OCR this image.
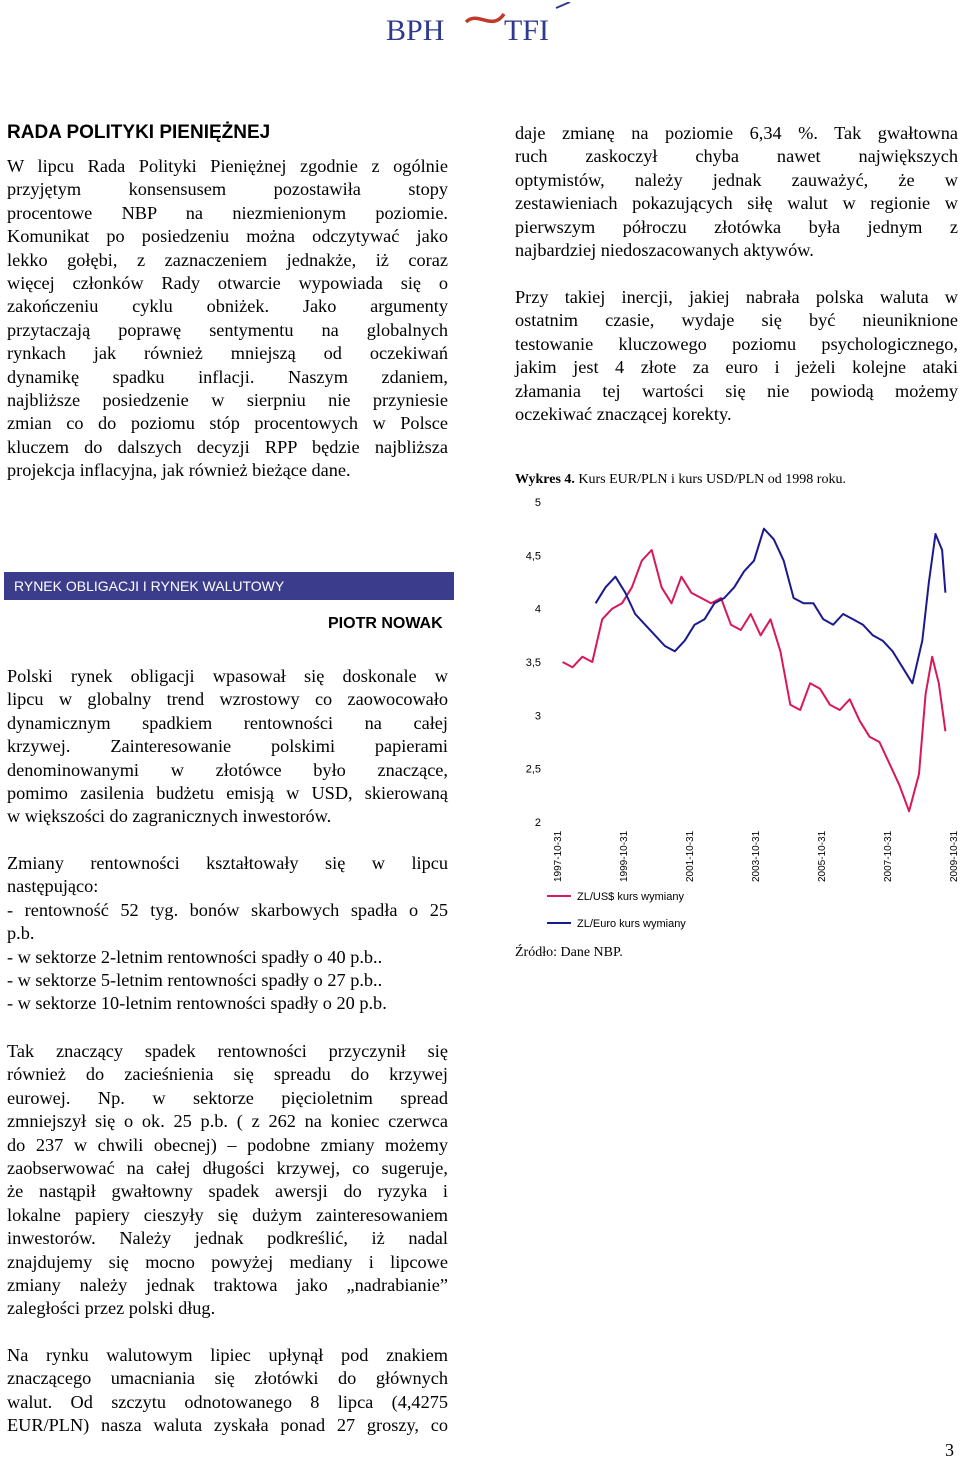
BPH TFI
RADA POLITYKI PIENIĘŻNEJ
W lipcu Rada Polityki Pieniężnej zgodnie z ogólnie
przyjętym konsensusem pozostawiła stopy
procentowe NBP na niezmienionym poziomie.
Komunikat po posiedzeniu można odczytywać jako
lekko gołębi, z zaznaczeniem jednakże, iż coraz
więcej członków Rady otwarcie wypowiada się o
zakończeniu cyklu obniżek. Jako argumenty
przytaczają poprawę sentymentu na globalnych
rynkach jak również mniejszą od oczekiwań
dynamikę spadku inflacji. Naszym zdaniem,
najbliższe posiedzenie w sierpniu nie przyniesie
zmian co do poziomu stóp procentowych w Polsce
kluczem do dalszych decyzji RPP będzie najbliższa
projekcja inflacyjna, jak również bieżące dane.
RYNEK OBLIGACJI I RYNEK WALUTOWY
PIOTR NOWAK
Polski rynek obligacji wpasował się doskonale w
lipcu w globalny trend wzrostowy co zaowocowało
dynamicznym spadkiem rentowności na całej
krzywej. Zainteresowanie polskimi papierami
denominowanymi w złotówce było znaczące,
pomimo zasilenia budżetu emisją w USD, skierowaną
w większości do zagranicznych inwestorów.
Zmiany rentowności kształtowały się w lipcu
następująco:
- rentowność 52 tyg. bonów skarbowych spadła o 25
p.b.
- w sektorze 2-letnim rentowności spadły o 40 p.b..
- w sektorze 5-letnim rentowności spadły o 27 p.b..
- w sektorze 10-letnim rentowności spadły o 20 p.b.
Tak znaczący spadek rentowności przyczynił się
również do zacieśnienia się spreadu do krzywej
eurowej. Np. w sektorze pięcioletnim spread
zmniejszył się o ok. 25 p.b. ( z 262 na koniec czerwca
do 237 w chwili obecnej) – podobne zmiany możemy
zaobserwować na całej długości krzywej, co sugeruje,
że nastąpił gwałtowny spadek awersji do ryzyka i
lokalne papiery cieszyły się dużym zainteresowaniem
inwestorów. Należy jednak podkreślić, iż nadal
znajdujemy się mocno powyżej mediany i lipcowe
zmiany należy jednak traktowa jako „nadrabianie”
zaległości przez polski dług.
Na rynku walutowym lipiec upłynął pod znakiem
znaczącego umacniania się złotówki do głównych
walut. Od szczytu odnotowanego 8 lipca (4,4275
EUR/PLN) nasza waluta zyskała ponad 27 groszy, co
daje zmianę na poziomie 6,34 %. Tak gwałtowna
ruch zaskoczył chyba nawet największych
optymistów, należy jednak zauważyć, że w
zestawieniach pokazujących siłę walut w regionie w
pierwszym półroczu złotówka była jednym z
najbardziej niedoszacowanych aktywów.
Przy takiej inercji, jakiej nabrała polska waluta w
ostatnim czasie, wydaje się być nieuniknione
testowanie kluczowego poziomu psychologicznego,
jakim jest 4 złote za euro i jeżeli kolejne ataki
złamania tej wartości się nie powiodą możemy
oczekiwać znaczącej korekty.
Wykres 4. Kurs EUR/PLN i kurs USD/PLN od 1998 roku.
5
4,5
4
3,5
3
2,5
2
1997-10-31	1999-10-31	2001-10-31	2003-10-31	2005-10-31	2007-10-31	2009-10-31
ZL/US$ kurs wymiany
ZL/Euro kurs wymiany
Źródło: Dane NBP.
3
